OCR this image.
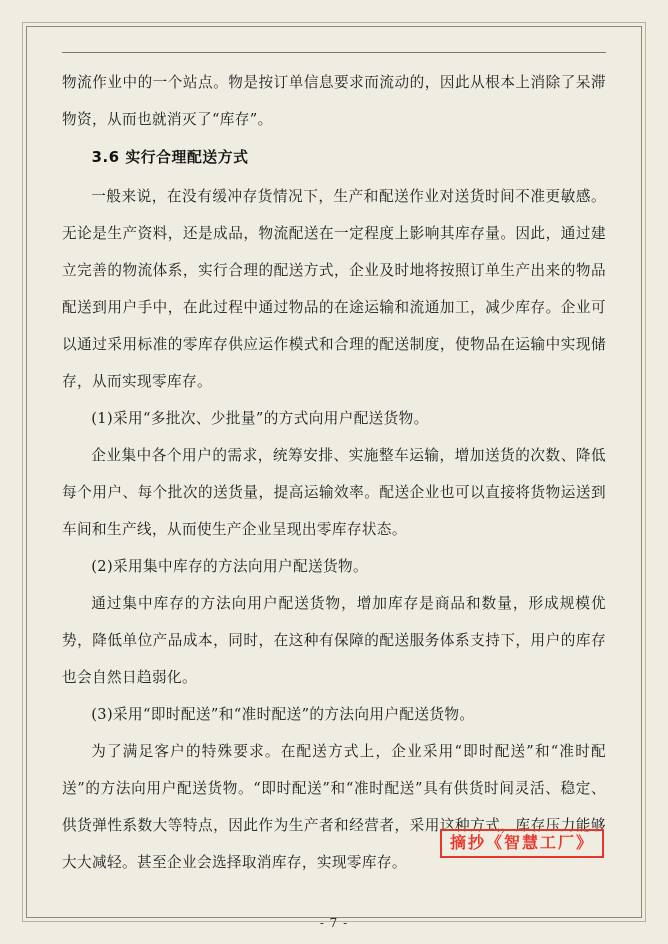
物流作业中的一个站点。物是按订单信息要求而流动的，因此从根本上消除了呆滞物资，从而也就消灭了“库存”。

3.6 实行合理配送方式

一般来说，在没有缓冲存货情况下，生产和配送作业对送货时间不准更敏感。无论是生产资料，还是成品，物流配送在一定程度上影响其库存量。因此，通过建立完善的物流体系，实行合理的配送方式，企业及时地将按照订单生产出来的物品配送到用户手中，在此过程中通过物品的在途运输和流通加工，减少库存。企业可以通过采用标准的零库存供应运作模式和合理的配送制度，使物品在运输中实现储存，从而实现零库存。

(1)采用“多批次、少批量”的方式向用户配送货物。

企业集中各个用户的需求，统筹安排、实施整车运输，增加送货的次数、降低每个用户、每个批次的送货量，提高运输效率。配送企业也可以直接将货物运送到车间和生产线，从而使生产企业呈现出零库存状态。

(2)采用集中库存的方法向用户配送货物。

通过集中库存的方法向用户配送货物，增加库存是商品和数量，形成规模优势，降低单位产品成本，同时，在这种有保障的配送服务体系支持下，用户的库存也会自然日趋弱化。

(3)采用“即时配送”和“准时配送”的方法向用户配送货物。

为了满足客户的特殊要求。在配送方式上，企业采用“即时配送”和“准时配送”的方法向用户配送货物。“即时配送”和“准时配送”具有供货时间灵活、稳定、供货弹性系数大等特点，因此作为生产者和经营者，采用这种方式，库存压力能够大大减轻。甚至企业会选择取消库存，实现零库存。

摘抄《智慧工厂》
- 7 -
